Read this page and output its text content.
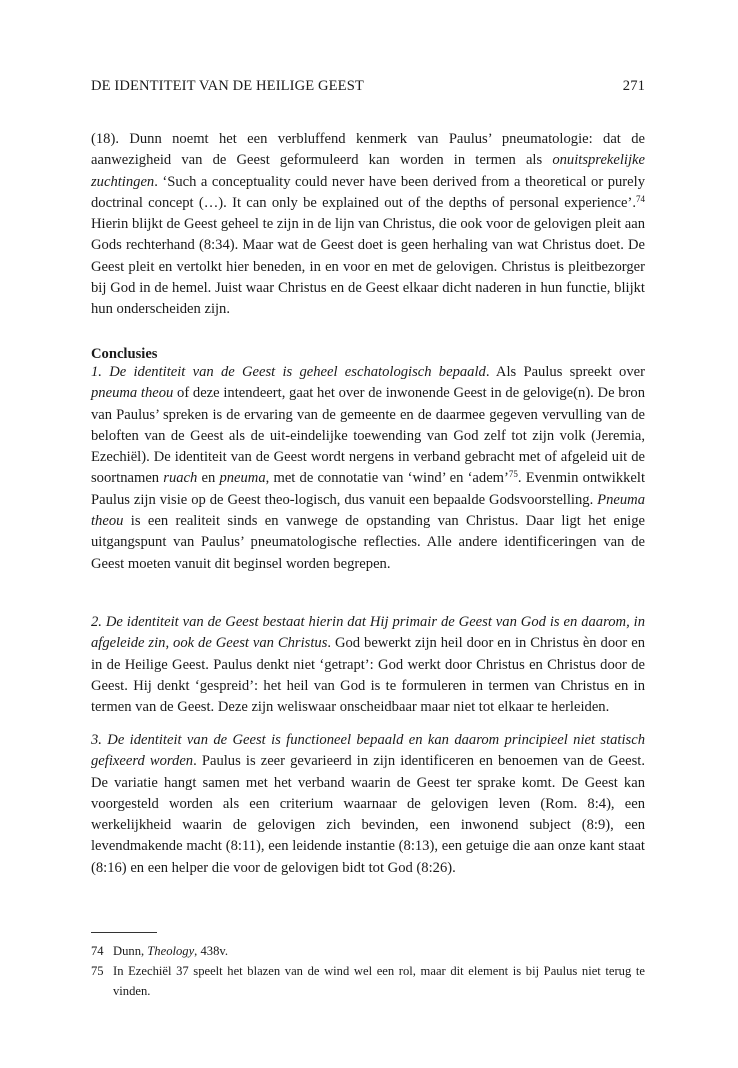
DE IDENTITEIT VAN DE HEILIGE GEEST	271

(18). Dunn noemt het een verbluffend kenmerk van Paulus’ pneumatologie: dat de aanwezigheid van de Geest geformuleerd kan worden in termen als onuitsprekelijke zuchtingen. ‘Such a conceptuality could never have been derived from a theoretical or purely doctrinal concept (…). It can only be explained out of the depths of personal experience’.$^{74}$ Hierin blijkt de Geest geheel te zijn in de lijn van Christus, die ook voor de gelovigen pleit aan Gods rechterhand (8:34). Maar wat de Geest doet is geen herhaling van wat Christus doet. De Geest pleit en vertolkt hier beneden, in en voor en met de gelovigen. Christus is pleitbezorger bij God in de hemel. Juist waar Christus en de Geest elkaar dicht naderen in hun functie, blijkt hun onderscheiden zijn.

Conclusies

1. De identiteit van de Geest is geheel eschatologisch bepaald. Als Paulus spreekt over pneuma theou of deze intendeert, gaat het over de inwonende Geest in de gelovige(n). De bron van Paulus’ spreken is de ervaring van de gemeente en de daarmee gegeven vervulling van de beloften van de Geest als de uit-eindelijke toewending van God zelf tot zijn volk (Jeremia, Ezechiël). De identiteit van de Geest wordt nergens in verband gebracht met of afgeleid uit de soortnamen ruach en pneuma, met de connotatie van ‘wind’ en ‘adem’$^{75}$. Evenmin ontwikkelt Paulus zijn visie op de Geest theo-logisch, dus vanuit een bepaalde Godsvoorstelling. Pneuma theou is een realiteit sinds en vanwege de opstanding van Christus. Daar ligt het enige uitgangspunt van Paulus’ pneumatologische reflecties. Alle andere identificeringen van de Geest moeten vanuit dit beginsel worden begrepen.

2. De identiteit van de Geest bestaat hierin dat Hij primair de Geest van God is en daarom, in afgeleide zin, ook de Geest van Christus. God bewerkt zijn heil door en in Christus èn door en in de Heilige Geest. Paulus denkt niet ‘getrapt’: God werkt door Christus en Christus door de Geest. Hij denkt ‘gespreid’: het heil van God is te formuleren in termen van Christus en in termen van de Geest. Deze zijn weliswaar onscheidbaar maar niet tot elkaar te herleiden.

3. De identiteit van de Geest is functioneel bepaald en kan daarom principieel niet statisch gefixeerd worden. Paulus is zeer gevarieerd in zijn identificeren en benoemen van de Geest. De variatie hangt samen met het verband waarin de Geest ter sprake komt. De Geest kan voorgesteld worden als een criterium waarnaar de gelovigen leven (Rom. 8:4), een werkelijkheid waarin de gelovigen zich bevinden, een inwonend subject (8:9), een levendmakende macht (8:11), een leidende instantie (8:13), een getuige die aan onze kant staat (8:16) en een helper die voor de gelovigen bidt tot God (8:26).

74 Dunn, Theology, 438v.
75 In Ezechiël 37 speelt het blazen van de wind wel een rol, maar dit element is bij Paulus niet terug te vinden.
